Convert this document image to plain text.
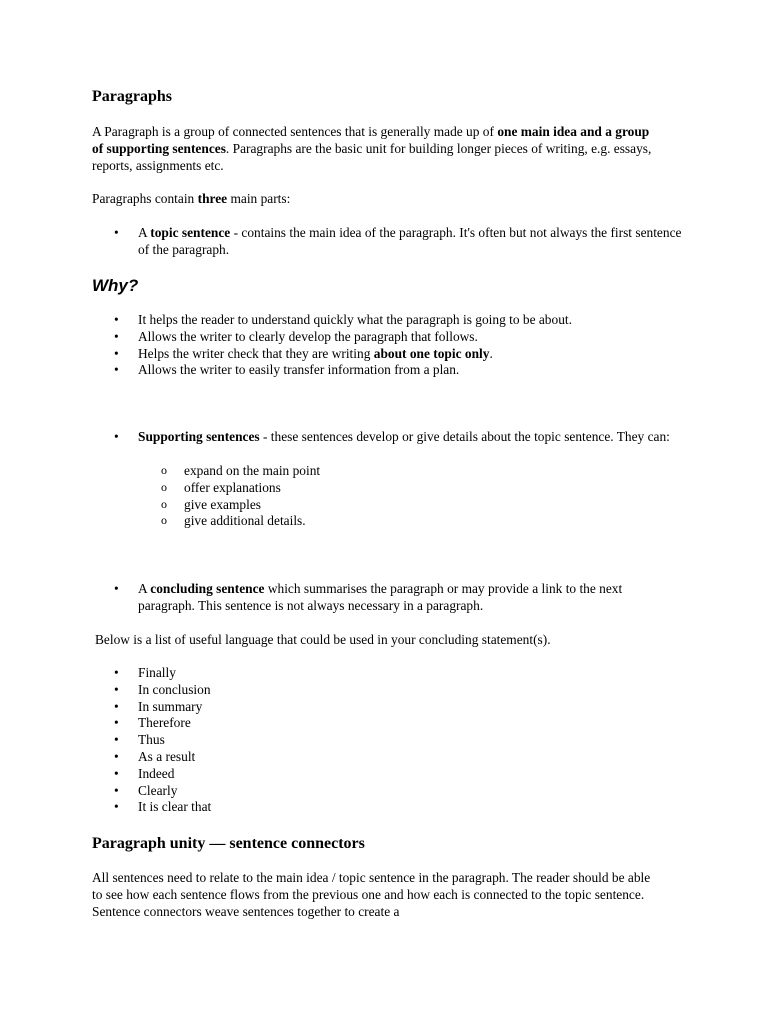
Paragraphs

A Paragraph is a group of connected sentences that is generally made up of one main idea and a group of supporting sentences. Paragraphs are the basic unit for building longer pieces of writing, e.g. essays, reports, assignments etc.

Paragraphs contain three main parts:

• A topic sentence - contains the main idea of the paragraph. It's often but not always the first sentence of the paragraph.
Why?
• It helps the reader to understand quickly what the paragraph is going to be about.
• Allows the writer to clearly develop the paragraph that follows.
• Helps the writer check that they are writing about one topic only.
• Allows the writer to easily transfer information from a plan.
• Supporting sentences - these sentences develop or give details about the topic sentence. They can:
o expand on the main point
o offer explanations
o give examples
o give additional details.
• A concluding sentence which summarises the paragraph or may provide a link to the next paragraph. This sentence is not always necessary in a paragraph.

Below is a list of useful language that could be used in your concluding statement(s).

• Finally
• In conclusion
• In summary
• Therefore
• Thus
• As a result
• Indeed
• Clearly
• It is clear that
Paragraph unity — sentence connectors

All sentences need to relate to the main idea / topic sentence in the paragraph. The reader should be able to see how each sentence flows from the previous one and how each is connected to the topic sentence. Sentence connectors weave sentences together to create a
